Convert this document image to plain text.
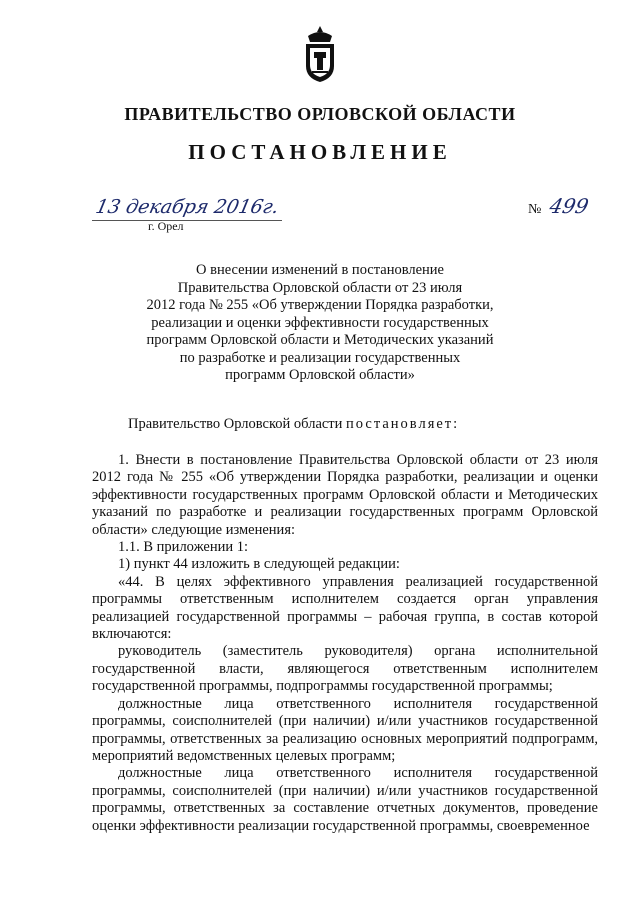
ПРАВИТЕЛЬСТВО ОРЛОВСКОЙ ОБЛАСТИ
ПОСТАНОВЛЕНИЕ
13 декабря 2016г.
г. Орел
№ 499
О внесении изменений в постановление
Правительства Орловской области от 23 июля
2012 года № 255 «Об утверждении Порядка разработки,
реализации и оценки эффективности государственных
программ Орловской области и Методических указаний
по разработке и реализации государственных
программ Орловской области»
Правительство Орловской области постановляет:

1. Внести в постановление Правительства Орловской области от 23 июля 2012 года № 255 «Об утверждении Порядка разработки, реализации и оценки эффективности государственных программ Орловской области и Методических указаний по разработке и реализации государственных программ Орловской области» следующие изменения:

1.1. В приложении 1:

1) пункт 44 изложить в следующей редакции:

«44. В целях эффективного управления реализацией государственной программы ответственным исполнителем создается орган управления реализацией государственной программы – рабочая группа, в состав которой включаются:

руководитель (заместитель руководителя) органа исполнительной государственной власти, являющегося ответственным исполнителем государственной программы, подпрограммы государственной программы;

должностные лица ответственного исполнителя государственной программы, соисполнителей (при наличии) и/или участников государственной программы, ответственных за реализацию основных мероприятий подпрограмм, мероприятий ведомственных целевых программ;

должностные лица ответственного исполнителя государственной программы, соисполнителей (при наличии) и/или участников государственной программы, ответственных за составление отчетных документов, проведение оценки эффективности реализации государственной программы, своевременное
